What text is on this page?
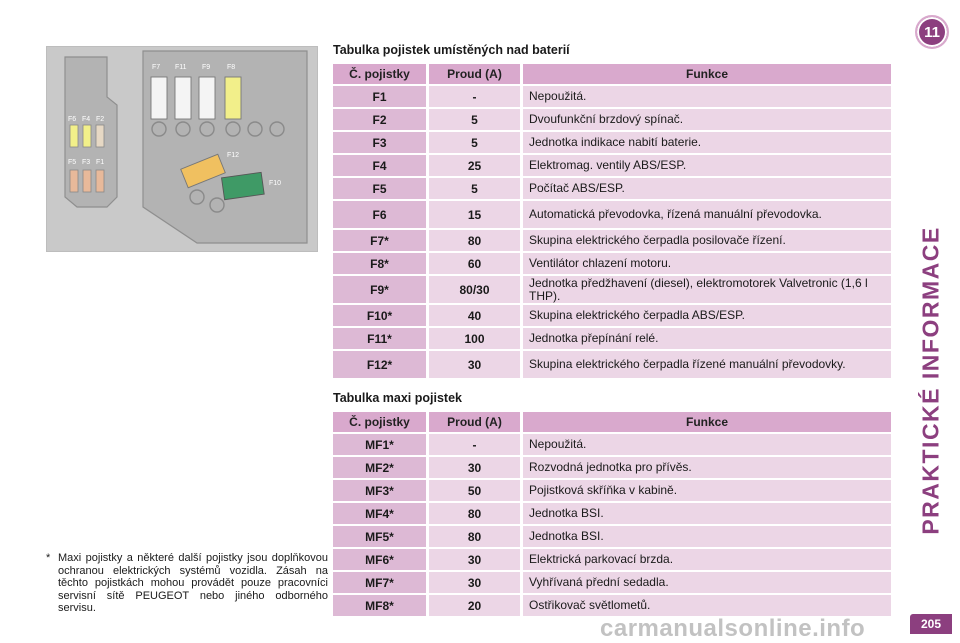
F6 F4 F2
F5 F3 F1
F7 F11 F9 F8
F12
F10
Tabulka pojistek umístěných nad baterií
Č. pojistky		Proud (A)		Funkce
F1		-		Nepoužitá.
F2		5		Dvoufunkční brzdový spínač.
F3		5		Jednotka indikace nabití baterie.
F4		25		Elektromag. ventily ABS/ESP.
F5		5		Počítač ABS/ESP.
F6		15		Automatická převodovka, řízená manuální převodovka.
F7*		80		Skupina elektrického čerpadla posilovače řízení.
F8*		60		Ventilátor chlazení motoru.
F9*		80/30		Jednotka předžhavení (diesel), elektromotorek Valvetronic (1,6 l THP).
F10*		40		Skupina elektrického čerpadla ABS/ESP.
F11*		100		Jednotka přepínání relé.
F12*		30		Skupina elektrického čerpadla řízené manuální převodovky.
Tabulka maxi pojistek
Č. pojistky		Proud (A)		Funkce
MF1*		-		Nepoužitá.
MF2*		30		Rozvodná jednotka pro přívěs.
MF3*		50		Pojistková skříňka v kabině.
MF4*		80		Jednotka BSI.
MF5*		80		Jednotka BSI.
MF6*		30		Elektrická parkovací brzda.
MF7*		30		Vyhřívaná přední sedadla.
MF8*		20		Ostřikovač světlometů.
* Maxi pojistky a některé další pojistky jsou doplňkovou ochranou elektrických systémů vozidla. Zásah na těchto pojistkách mohou provádět pouze pracovníci servisní sítě PEUGEOT nebo jiného odborného servisu.
11
PRAKTICKÉ INFORMACE
205
carmanualsonline.info
